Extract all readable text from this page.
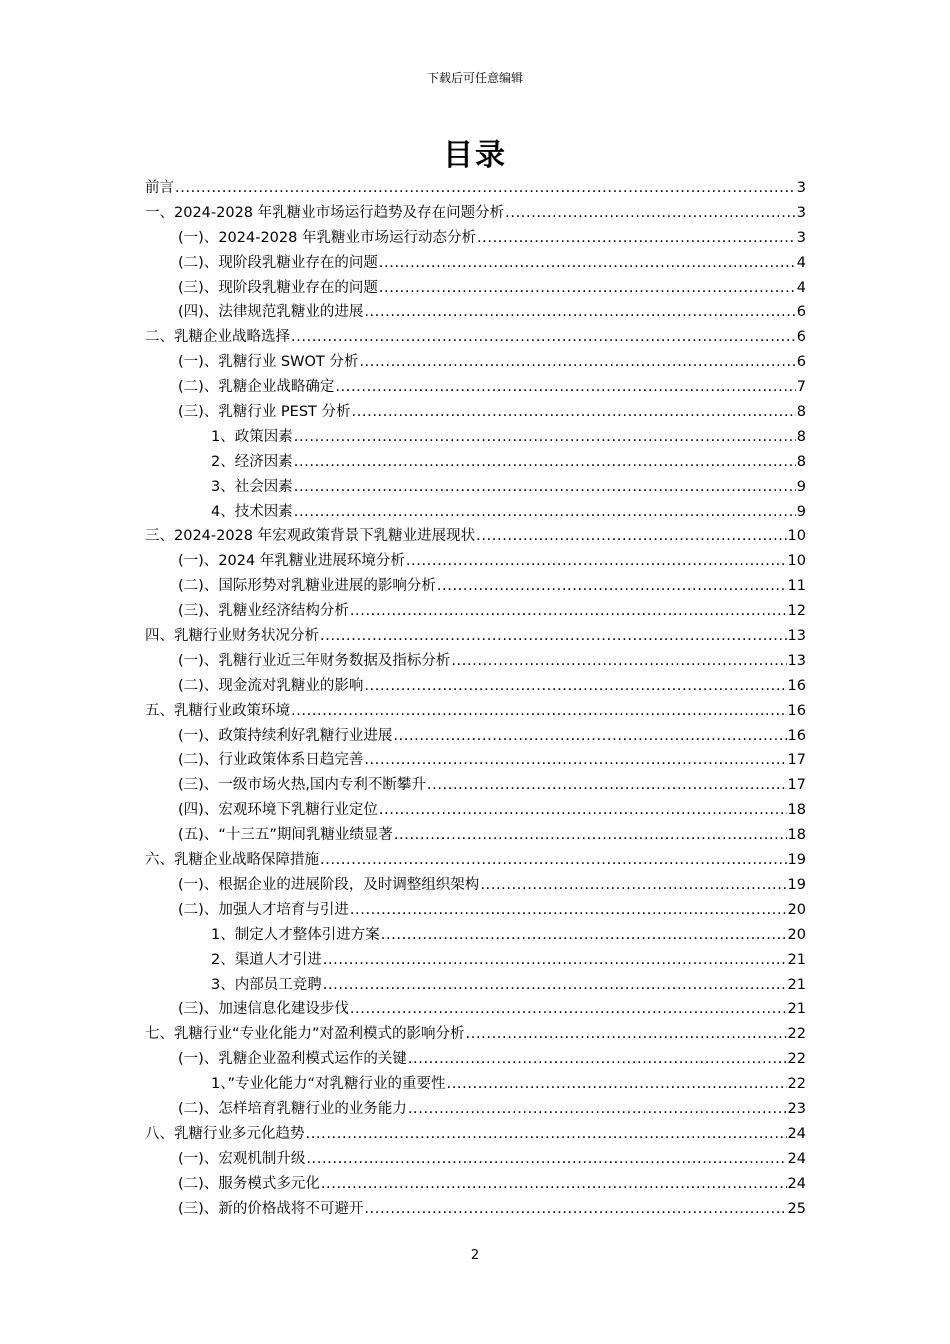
下载后可任意编辑
目录
前言 .....	3
一、2024-2028 年乳糖业市场运行趋势及存在问题分析 .....	3
(一)、2024-2028 年乳糖业市场运行动态分析 .....	3
(二)、现阶段乳糖业存在的问题 .....	4
(三)、现阶段乳糖业存在的问题 .....	4
(四)、法律规范乳糖业的进展 .....	6
二、乳糖企业战略选择 .....	6
(一)、乳糖行业 SWOT 分析 .....	6
(二)、乳糖企业战略确定 .....	7
(三)、乳糖行业 PEST 分析 .....	8
1、政策因素 .....	8
2、经济因素 .....	8
3、社会因素 .....	9
4、技术因素 .....	9
三、2024-2028 年宏观政策背景下乳糖业进展现状 .....	10
(一)、2024 年乳糖业进展环境分析 .....	10
(二)、国际形势对乳糖业进展的影响分析 .....	11
(三)、乳糖业经济结构分析 .....	12
四、乳糖行业财务状况分析 .....	13
(一)、乳糖行业近三年财务数据及指标分析 .....	13
(二)、现金流对乳糖业的影响 .....	16
五、乳糖行业政策环境 .....	16
(一)、政策持续利好乳糖行业进展 .....	16
(二)、行业政策体系日趋完善 .....	17
(三)、一级市场火热,国内专利不断攀升 .....	17
(四)、宏观环境下乳糖行业定位 .....	18
(五)、“十三五”期间乳糖业绩显著 .....	18
六、乳糖企业战略保障措施 .....	19
(一)、根据企业的进展阶段，及时调整组织架构 .....	19
(二)、加强人才培育与引进 .....	20
1、制定人才整体引进方案 .....	20
2、渠道人才引进 .....	21
3、内部员工竞聘 .....	21
(三)、加速信息化建设步伐 .....	21
七、乳糖行业“专业化能力”对盈利模式的影响分析 .....	22
(一)、乳糖企业盈利模式运作的关键 .....	22
1、”专业化能力“对乳糖行业的重要性 .....	22
(二)、怎样培育乳糖行业的业务能力 .....	23
八、乳糖行业多元化趋势 .....	24
(一)、宏观机制升级 .....	24
(二)、服务模式多元化 .....	24
(三)、新的价格战将不可避开 .....	25
2
